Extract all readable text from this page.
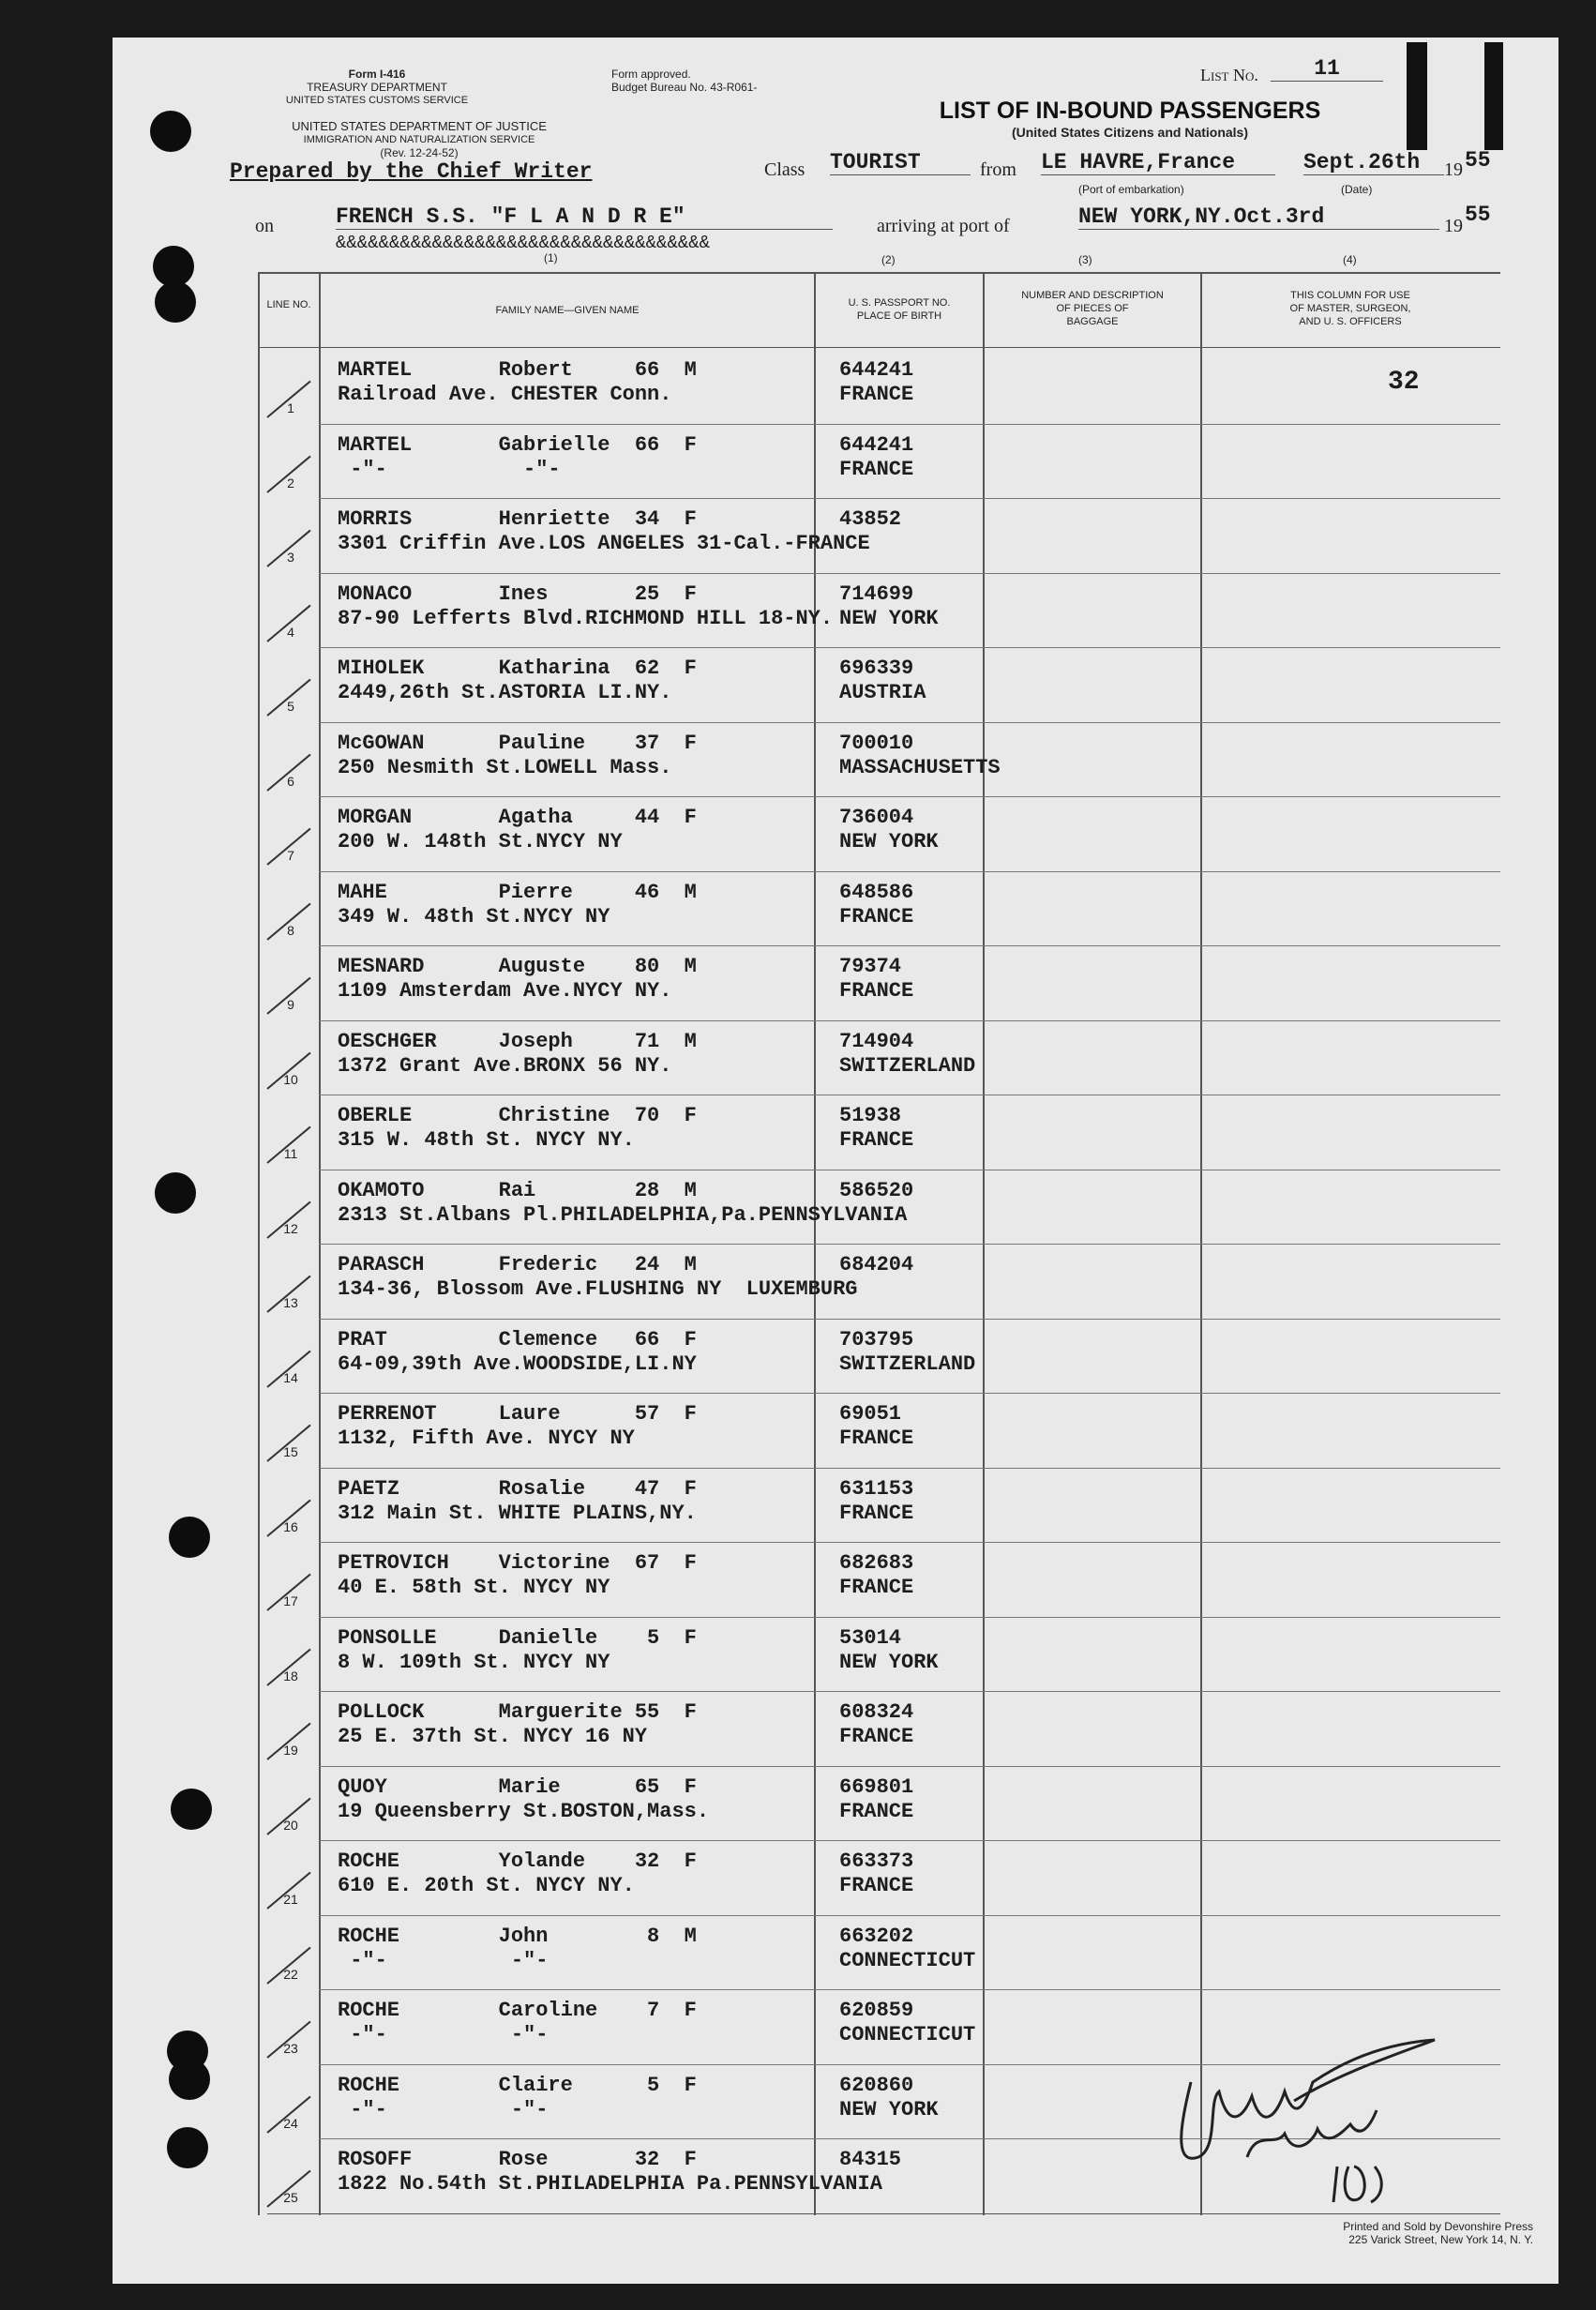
Form I-416
TREASURY DEPARTMENT
UNITED STATES CUSTOMS SERVICE
Form approved.
Budget Bureau No. 43-R061-
UNITED STATES DEPARTMENT OF JUSTICE
IMMIGRATION AND NATURALIZATION SERVICE
(Rev. 12-24-52)
Prepared by the Chief Writer
List No.	11
LIST OF IN-BOUND PASSENGERS
(United States Citizens and Nationals)
Class TOURIST	from LE HAVRE,France
(Port of embarkation)
Sept.26th
(Date)
19 55
on	FRENCH S.S. "F L A N D R E"
&&&&&&&&&&&&&&&&&&&&&&&&&&&&&&&&&&&
(1)
arriving at port of	NEW YORK,NY.Oct.3rd	19 55
(2)	(3)	(4)
LINE NO.	FAMILY NAME—GIVEN NAME
U. S. PASSPORT NO.
PLACE OF BIRTH
NUMBER AND DESCRIPTION
OF PIECES OF
BAGGAGE
THIS COLUMN FOR USE
OF MASTER, SURGEON,
AND U. S. OFFICERS
32
1
MARTEL       Robert     66  M
Railroad Ave. CHESTER Conn.
644241
FRANCE
2
MARTEL       Gabrielle  66  F
-"-           -"-
644241
FRANCE
3
MORRIS       Henriette  34  F
3301 Criffin Ave.LOS ANGELES 31-Cal.-FRANCE
43852
4
MONACO       Ines       25  F
87-90 Lefferts Blvd.RICHMOND HILL 18-NY.
714699
NEW YORK
5
MIHOLEK      Katharina  62  F
2449,26th St.ASTORIA LI.NY.
696339
AUSTRIA
6
McGOWAN      Pauline    37  F
250 Nesmith St.LOWELL Mass.
700010
MASSACHUSETTS
7
MORGAN       Agatha     44  F
200 W. 148th St.NYCY NY
736004
NEW YORK
8
MAHE         Pierre     46  M
349 W. 48th St.NYCY NY
648586
FRANCE
9
MESNARD      Auguste    80  M
1109 Amsterdam Ave.NYCY NY.
79374
FRANCE
10
OESCHGER     Joseph     71  M
1372 Grant Ave.BRONX 56 NY.
714904
SWITZERLAND
11
OBERLE       Christine  70  F
315 W. 48th St. NYCY NY.
51938
FRANCE
12
OKAMOTO      Rai        28  M
2313 St.Albans Pl.PHILADELPHIA,Pa.PENNSYLVANIA
586520
13
PARASCH      Frederic   24  M
134-36, Blossom Ave.FLUSHING NY  LUXEMBURG
684204
14
PRAT         Clemence   66  F
64-09,39th Ave.WOODSIDE,LI.NY
703795
SWITZERLAND
15
PERRENOT     Laure      57  F
1132, Fifth Ave. NYCY NY
69051
FRANCE
16
PAETZ        Rosalie    47  F
312 Main St. WHITE PLAINS,NY.
631153
FRANCE
17
PETROVICH    Victorine  67  F
40 E. 58th St. NYCY NY
682683
FRANCE
18
PONSOLLE     Danielle    5  F
8 W. 109th St. NYCY NY
53014
NEW YORK
19
POLLOCK      Marguerite 55  F
25 E. 37th St. NYCY 16 NY
608324
FRANCE
20
QUOY         Marie      65  F
19 Queensberry St.BOSTON,Mass.
669801
FRANCE
21
ROCHE        Yolande    32  F
610 E. 20th St. NYCY NY.
663373
FRANCE
22
ROCHE        John        8  M
-"-          -"-
663202
CONNECTICUT
23
ROCHE        Caroline    7  F
-"-          -"-
620859
CONNECTICUT
24
ROCHE        Claire      5  F
-"-          -"-
620860
NEW YORK
25
ROSOFF       Rose       32  F
1822 No.54th St.PHILADELPHIA Pa.PENNSYLVANIA
84315
Printed and Sold by Devonshire Press
225 Varick Street, New York 14, N. Y.
